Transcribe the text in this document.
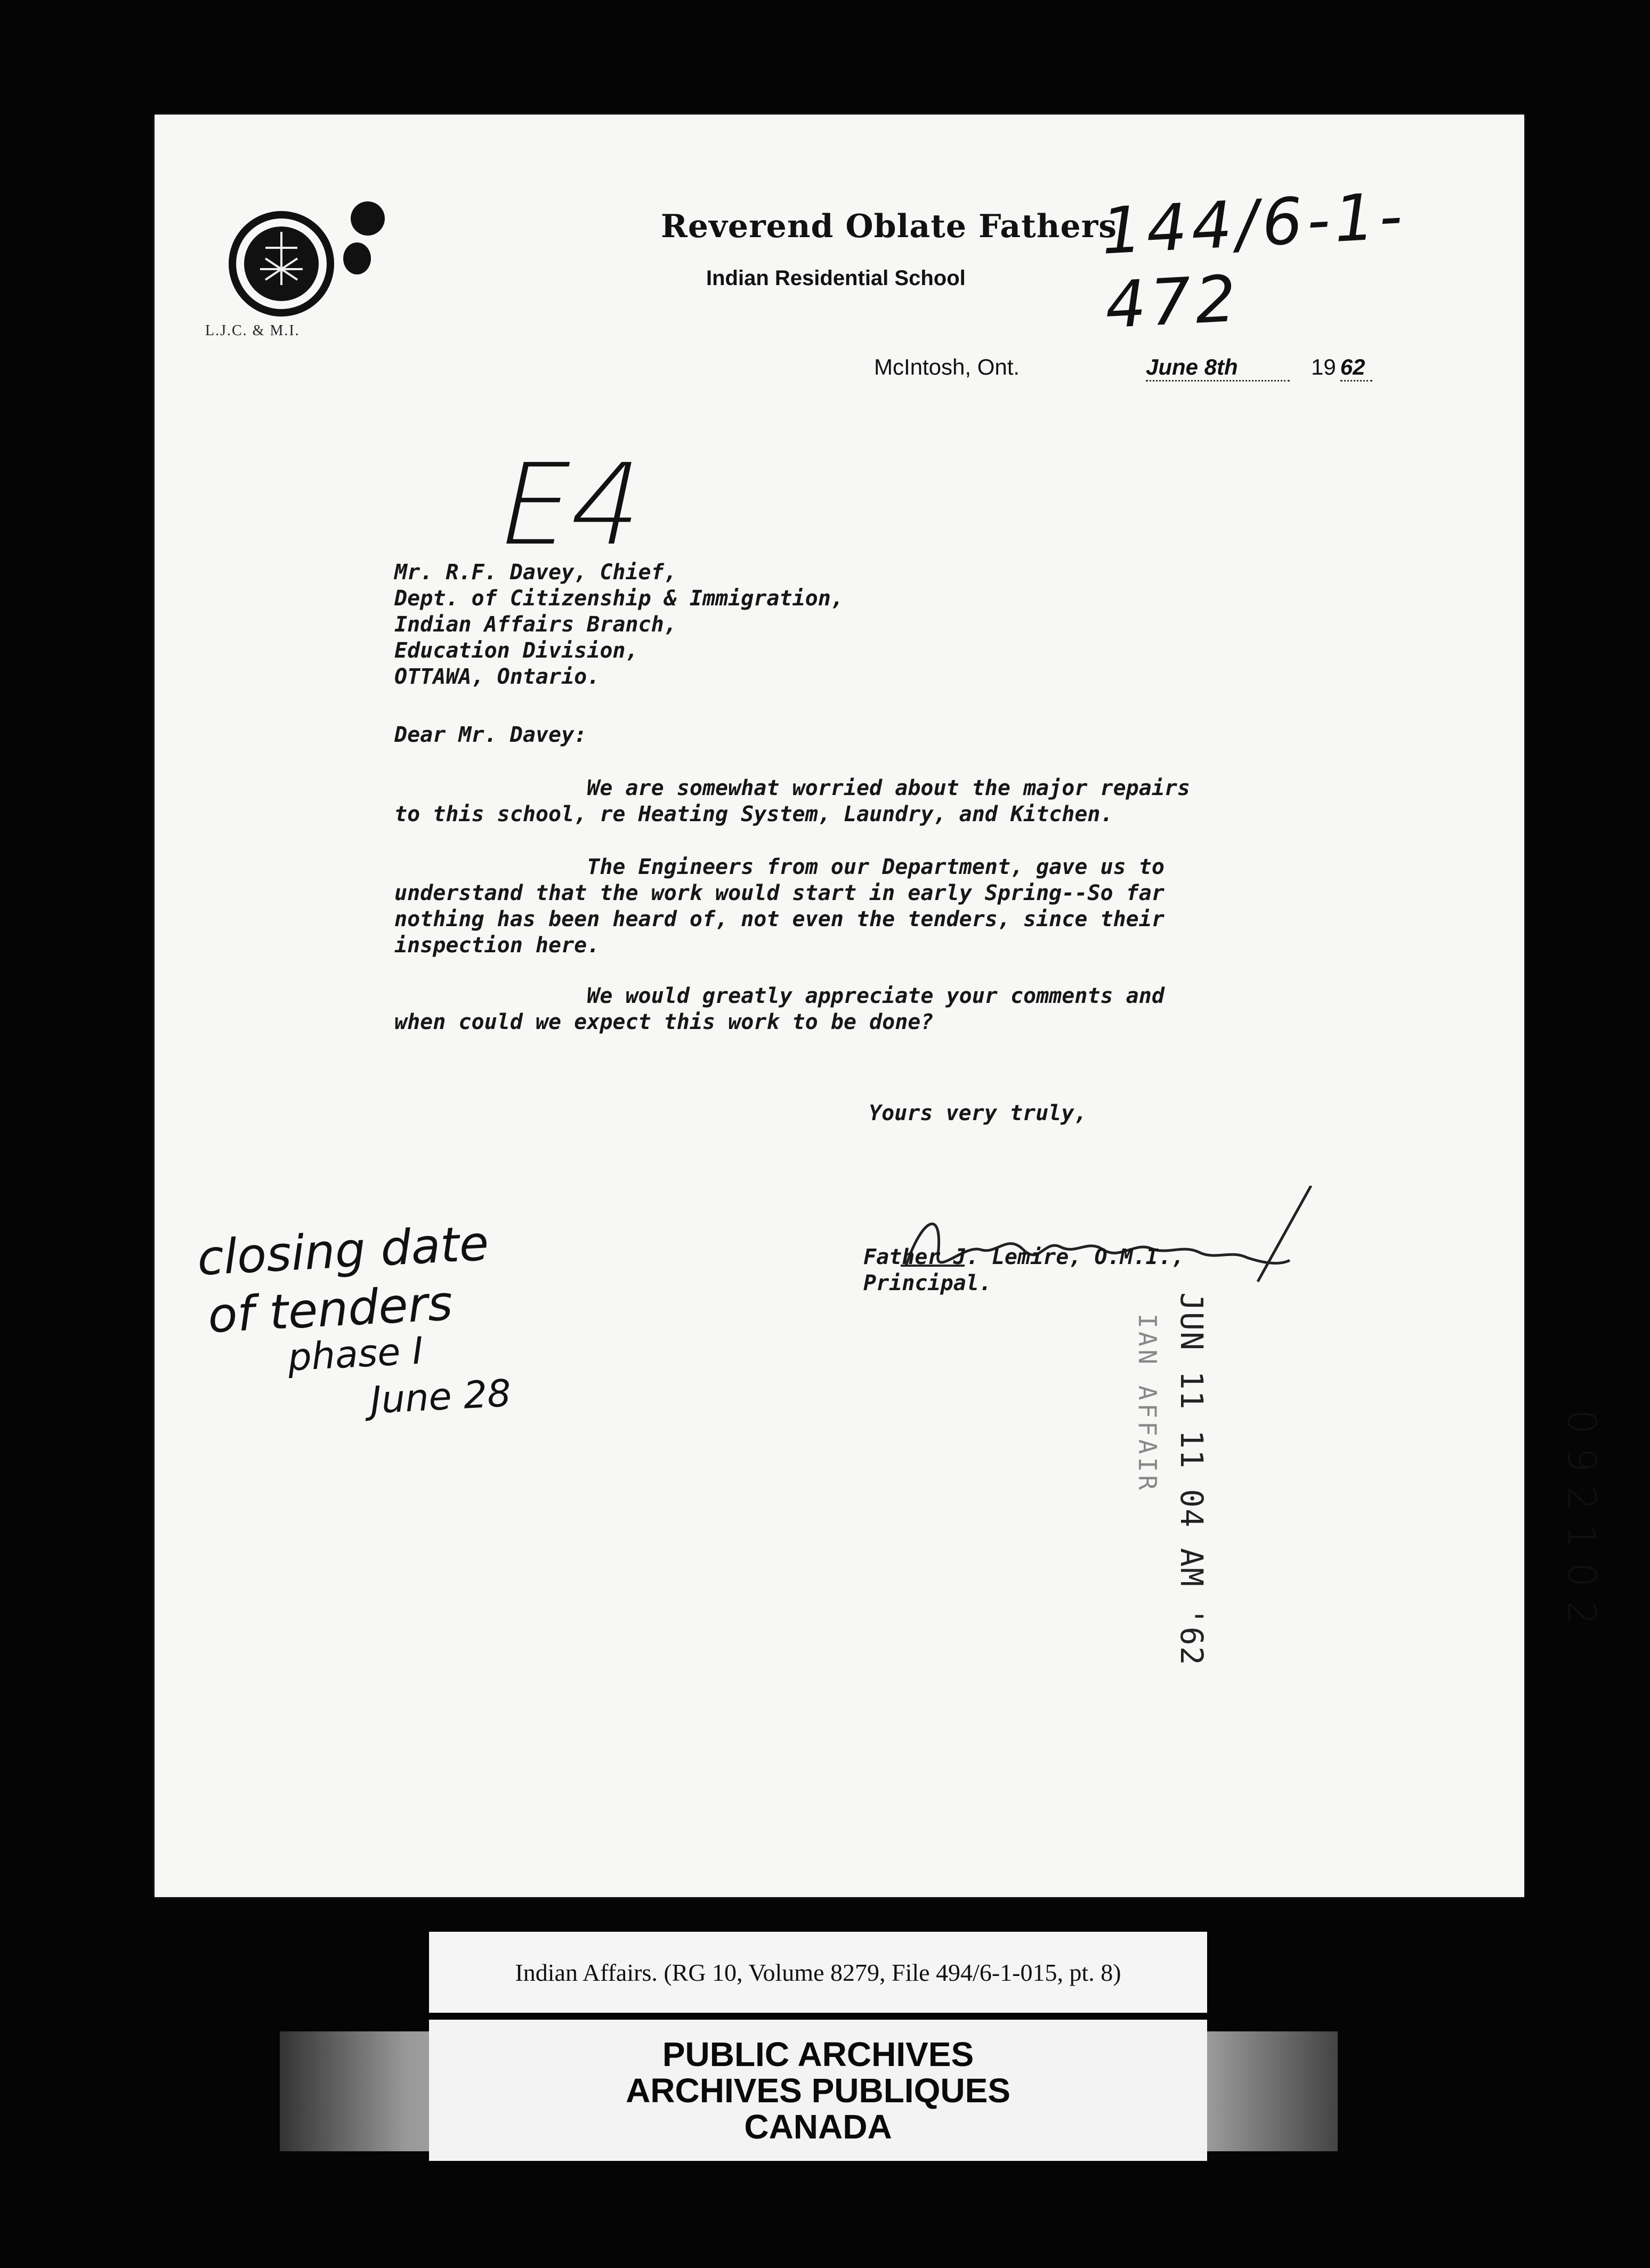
L.J.C. & M.I.
Reverend Oblate Fathers
Indian Residential School
144/6-1-472
McIntosh, Ont.	June 8th	19 62
E4
Mr. R.F. Davey, Chief,
Dept. of Citizenship & Immigration,
Indian Affairs Branch,
Education Division,
OTTAWA, Ontario.
Dear Mr. Davey:
We are somewhat worried about the major repairs
to this school, re Heating System, Laundry, and Kitchen.
The Engineers from our Department, gave us to
understand that the work would start in early Spring--So far
nothing has been heard of, not even the tenders, since their
inspection here.
We would greatly appreciate your comments and
when could we expect this work to be done?
Yours very truly,
Father J. Lemire, O.M.I.,
Principal.
closing date
of tenders
phase I
June 28	JUN 11 11 04 AM '62
IAN AFFAIR
092102
Indian Affairs. (RG 10, Volume 8279, File 494/6-1-015, pt. 8)
PUBLIC ARCHIVES
ARCHIVES PUBLIQUES
CANADA
